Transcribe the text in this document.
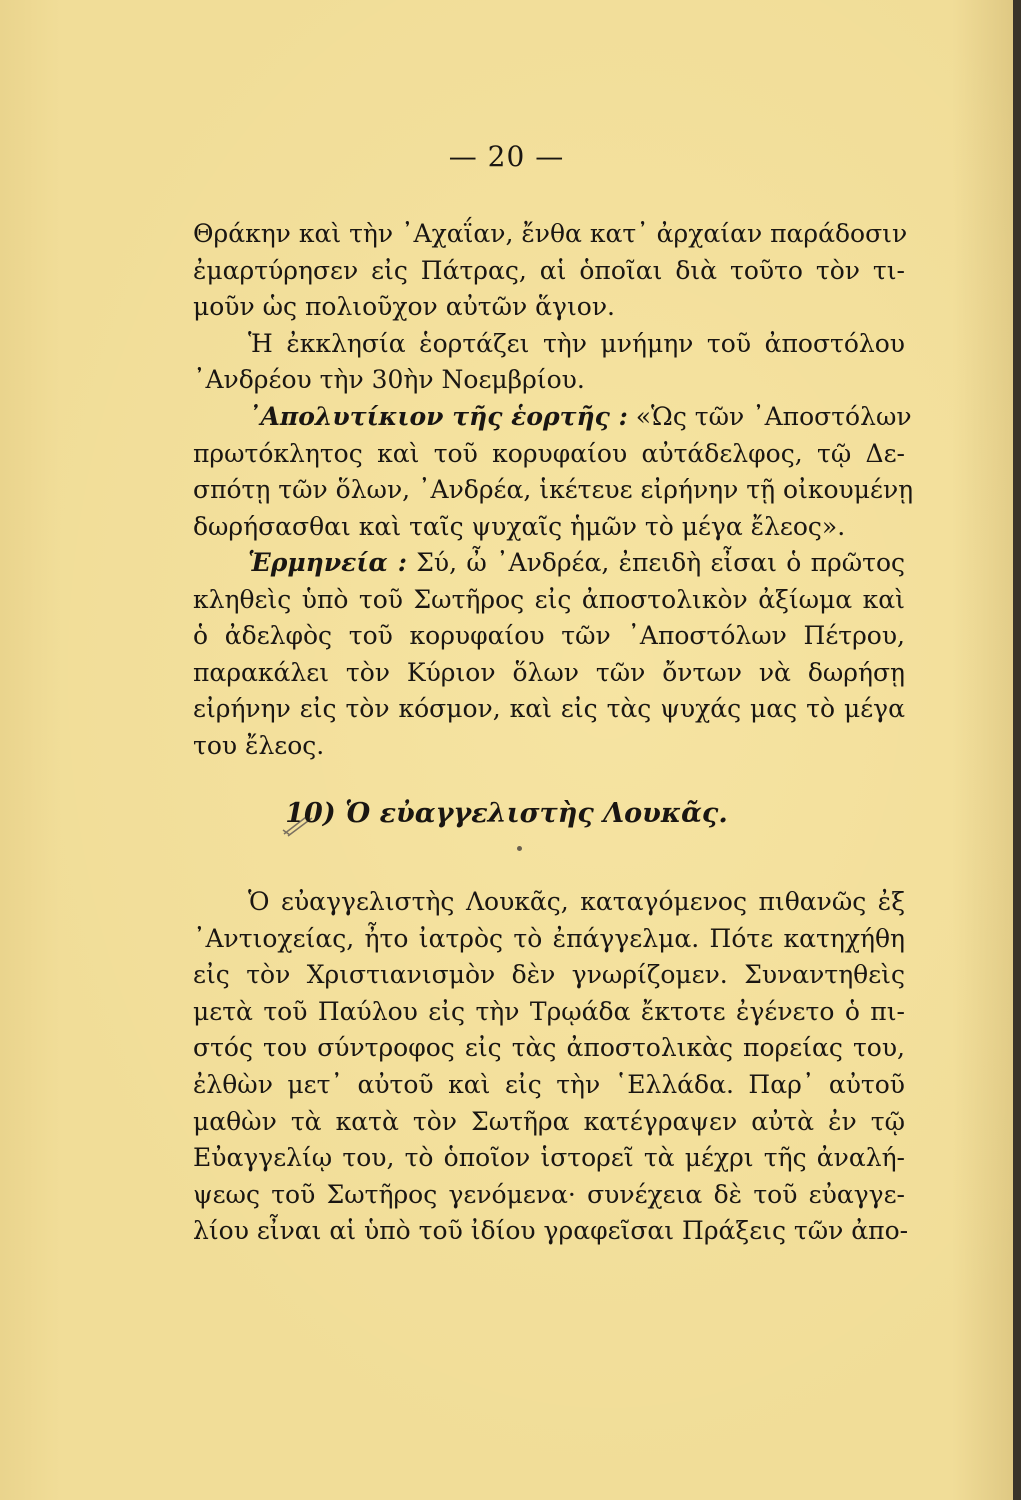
— 20 —
Θράκην καὶ τὴν ᾿Αχαΐαν, ἔνθα κατ᾿ ἀρχαίαν παράδοσιν
ἐμαρτύρησεν εἰς Πάτρας, αἱ ὁποῖαι διὰ τοῦτο τὸν τι-
μοῦν ὡς πολιοῦχον αὐτῶν ἅγιον.
Ἡ ἐκκλησία ἑορτάζει τὴν μνήμην τοῦ ἀποστόλου
᾿Ανδρέου τὴν 30ὴν Νοεμβρίου.
᾿Απολυτίκιον τῆς ἑορτῆς : «Ὡς τῶν ᾿Αποστόλων
πρωτόκλητος καὶ τοῦ κορυφαίου αὐτάδελφος, τῷ Δε-
σπότῃ τῶν ὅλων, ᾿Ανδρέα, ἱκέτευε εἰρήνην τῇ οἰκουμένῃ
δωρήσασθαι καὶ ταῖς ψυχαῖς ἡμῶν τὸ μέγα ἔλεος».
Ἑρμηνεία : Σύ, ὦ ᾿Ανδρέα, ἐπειδὴ εἶσαι ὁ πρῶτος
κληθεὶς ὑπὸ τοῦ Σωτῆρος εἰς ἀποστολικὸν ἀξίωμα καὶ
ὁ ἀδελφὸς τοῦ κορυφαίου τῶν ᾿Αποστόλων Πέτρου,
παρακάλει τὸν Κύριον ὅλων τῶν ὄντων νὰ δωρήσῃ
εἰρήνην εἰς τὸν κόσμον, καὶ εἰς τὰς ψυχάς μας τὸ μέγα
του ἔλεος.
10) Ὁ εὐαγγελιστὴς Λουκᾶς.
Ὁ εὐαγγελιστὴς Λουκᾶς, καταγόμενος πιθανῶς ἐξ
᾿Αντιοχείας, ἦτο ἰατρὸς τὸ ἐπάγγελμα. Πότε κατηχήθη
εἰς τὸν Χριστιανισμὸν δὲν γνωρίζομεν. Συναντηθεὶς
μετὰ τοῦ Παύλου εἰς τὴν Τρῳάδα ἔκτοτε ἐγένετο ὁ πι-
στός του σύντροφος εἰς τὰς ἀποστολικὰς πορείας του,
ἐλθὼν μετ᾿ αὐτοῦ καὶ εἰς τὴν ῾Ελλάδα. Παρ᾿ αὐτοῦ
μαθὼν τὰ κατὰ τὸν Σωτῆρα κατέγραψεν αὐτὰ ἐν τῷ
Εὐαγγελίῳ του, τὸ ὁποῖον ἱστορεῖ τὰ μέχρι τῆς ἀναλή-
ψεως τοῦ Σωτῆρος γενόμενα· συνέχεια δὲ τοῦ εὐαγγε-
λίου εἶναι αἱ ὑπὸ τοῦ ἰδίου γραφεῖσαι Πράξεις τῶν ἀπο-
